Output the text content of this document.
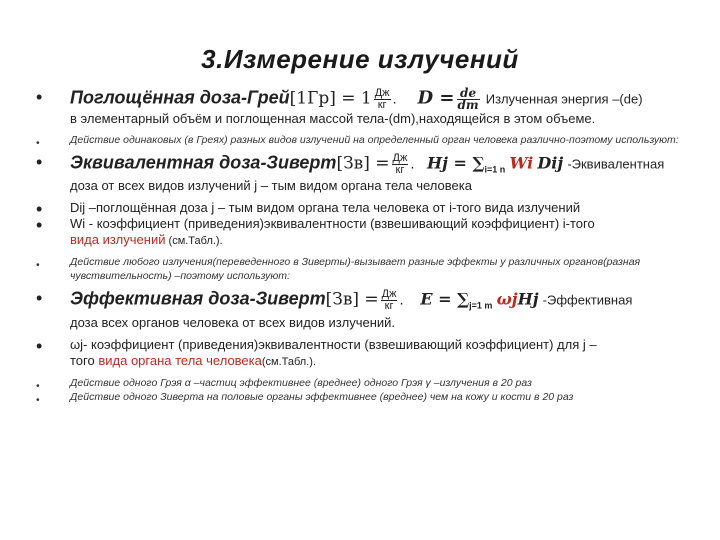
3.Измерение излучений
• Поглощённая доза-Грей[1Гр] = $1 \frac{Дж}{кг}$ . $D = \frac{de}{dm}$ Излученная энергия –(de)
в элементарный объём и поглощенная массой тела-(dm),находящейся в этом объеме.
• Действие одинаковых (в Греях) разных видов излучений на определенный орган человека различно-поэтому используют:
• Эквивалентная доза-Зиверт[Зв] = $\frac{Дж}{кг}$ . $Hj = \sum_{i=1 n}$ Wi Dij -Эквивалентная
доза от всех видов излучений j – тым видом органа тела человека
• Dij –поглощённая доза j – тым видом органа тела человека от i-того вида излучений
• Wi - коэффициент (приведения)эквивалентности (взвешивающий коэффициент) i-того
вида излучений (см.Табл.).
• Действие любого излучения(переведенного в Зиверты)-вызывает разные эффекты у различных органов(разная чувствительность) –поэтому используют:
• Эффективная доза-Зиверт[Зв] = $\frac{Дж}{кг}$ . $E = \sum_{j=1 m}$ ωjHj -Эффективная
доза всех органов человека от всех видов излучений.
• ωj- коэффициент (приведения)эквивалентности (взвешивающий коэффициент) для j –
того вида органа тела человека(см.Табл.).
• Действие одного Грэя α –частиц эффективнее (вреднее) одного Грэя γ –излучения в 20 раз
• Действие одного Зиверта на половые органы эффективнее (вреднее) чем на кожу и кости в 20 раз
